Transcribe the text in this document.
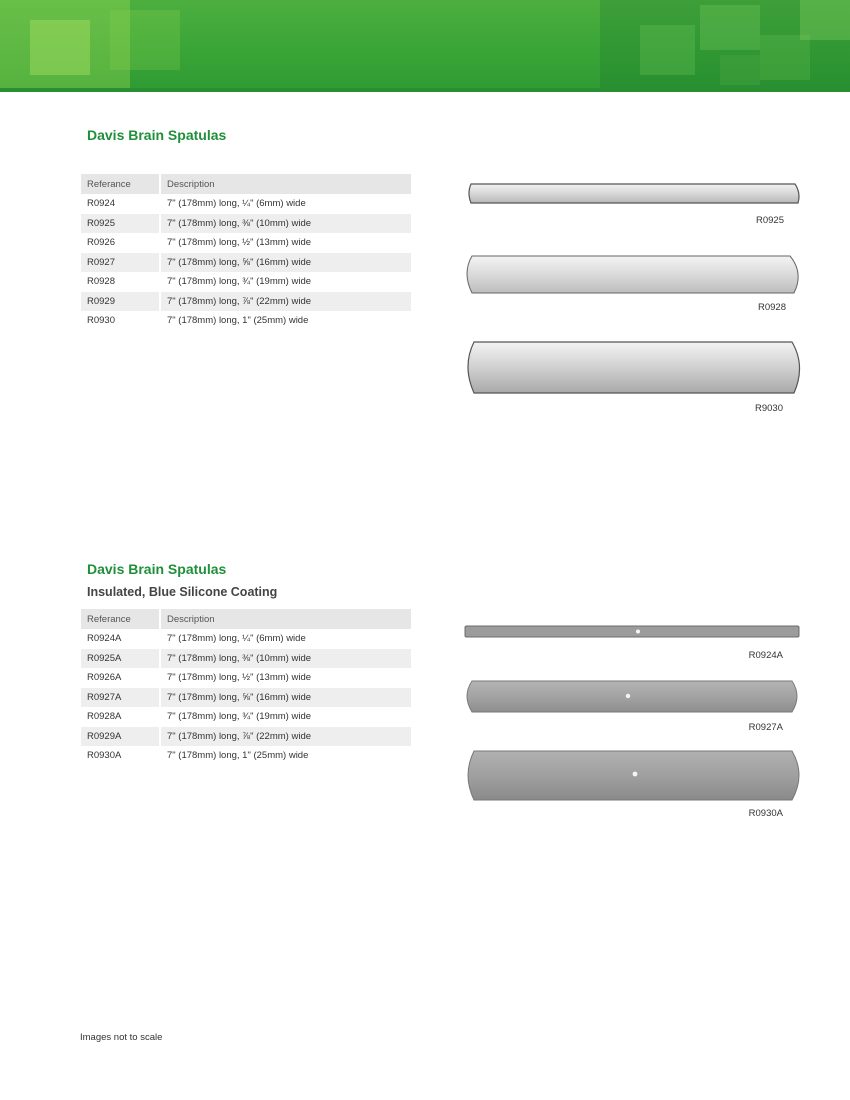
Davis Brain Spatulas
Referance	Description
R0924	7" (178mm) long, ¼" (6mm) wide
R0925	7" (178mm) long, ⅜" (10mm) wide
R0926	7" (178mm) long, ½" (13mm) wide
R0927	7" (178mm) long, ⅝" (16mm) wide
R0928	7" (178mm) long, ¾" (19mm) wide
R0929	7" (178mm) long, ⅞" (22mm) wide
R0930	7" (178mm) long, 1" (25mm) wide
R0925
R0928
R9030
Davis Brain Spatulas
Insulated, Blue Silicone Coating
Referance	Description
R0924A	7" (178mm) long, ¼" (6mm) wide
R0925A	7" (178mm) long, ⅜" (10mm) wide
R0926A	7" (178mm) long, ½" (13mm) wide
R0927A	7" (178mm) long, ⅝" (16mm) wide
R0928A	7" (178mm) long, ¾" (19mm) wide
R0929A	7" (178mm) long, ⅞" (22mm) wide
R0930A	7" (178mm) long, 1" (25mm) wide
R0924A
R0927A
R0930A
Images not to scale
